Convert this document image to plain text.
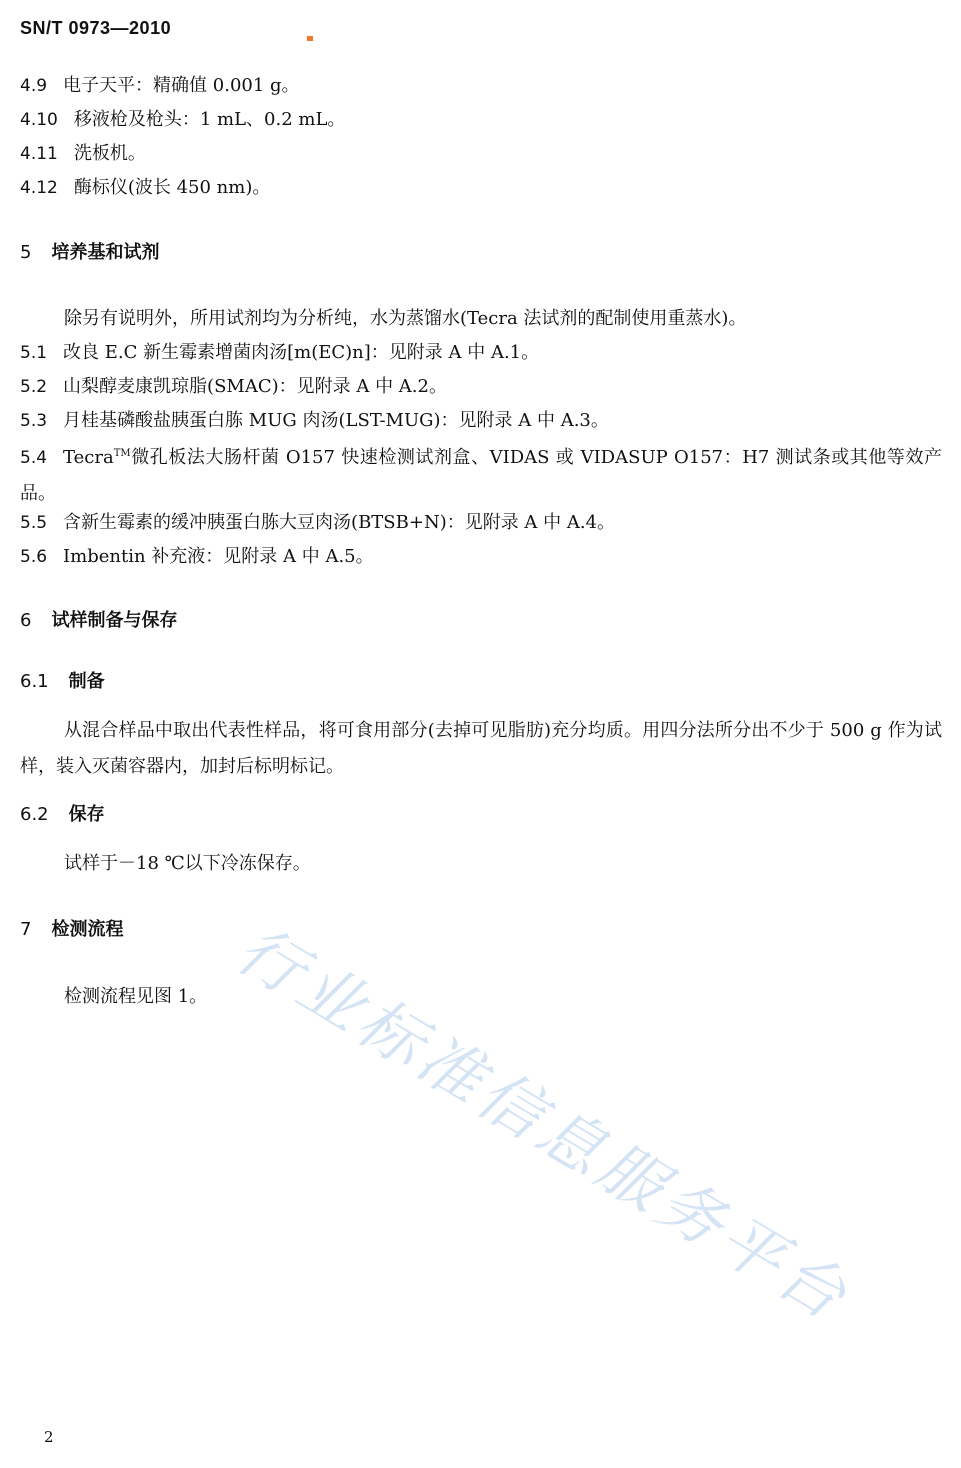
SN/T 0973—2010
4.9 电子天平：精确值 0.001 g。
4.10 移液枪及枪头：1 mL、0.2 mL。
4.11 洗板机。
4.12 酶标仪(波长 450 nm)。
5 培养基和试剂
除另有说明外，所用试剂均为分析纯，水为蒸馏水(Tecra 法试剂的配制使用重蒸水)。
5.1 改良 E.C 新生霉素增菌肉汤[m(EC)n]：见附录 A 中 A.1。
5.2 山梨醇麦康凯琼脂(SMAC)：见附录 A 中 A.2。
5.3 月桂基磷酸盐胰蛋白胨 MUG 肉汤(LST-MUG)：见附录 A 中 A.3。
5.4 Tecra™微孔板法大肠杆菌 O157 快速检测试剂盒、VIDAS 或 VIDASUP O157：H7 测试条或其他等效产品。
5.5 含新生霉素的缓冲胰蛋白胨大豆肉汤(BTSB+N)：见附录 A 中 A.4。
5.6 Imbentin 补充液：见附录 A 中 A.5。
6 试样制备与保存
6.1 制备
从混合样品中取出代表性样品，将可食用部分(去掉可见脂肪)充分均质。用四分法所分出不少于 500 g 作为试样，装入灭菌容器内，加封后标明标记。
6.2 保存
试样于－18 ℃以下冷冻保存。
7 检测流程
检测流程见图 1。 行业标准信息服务平台
2
